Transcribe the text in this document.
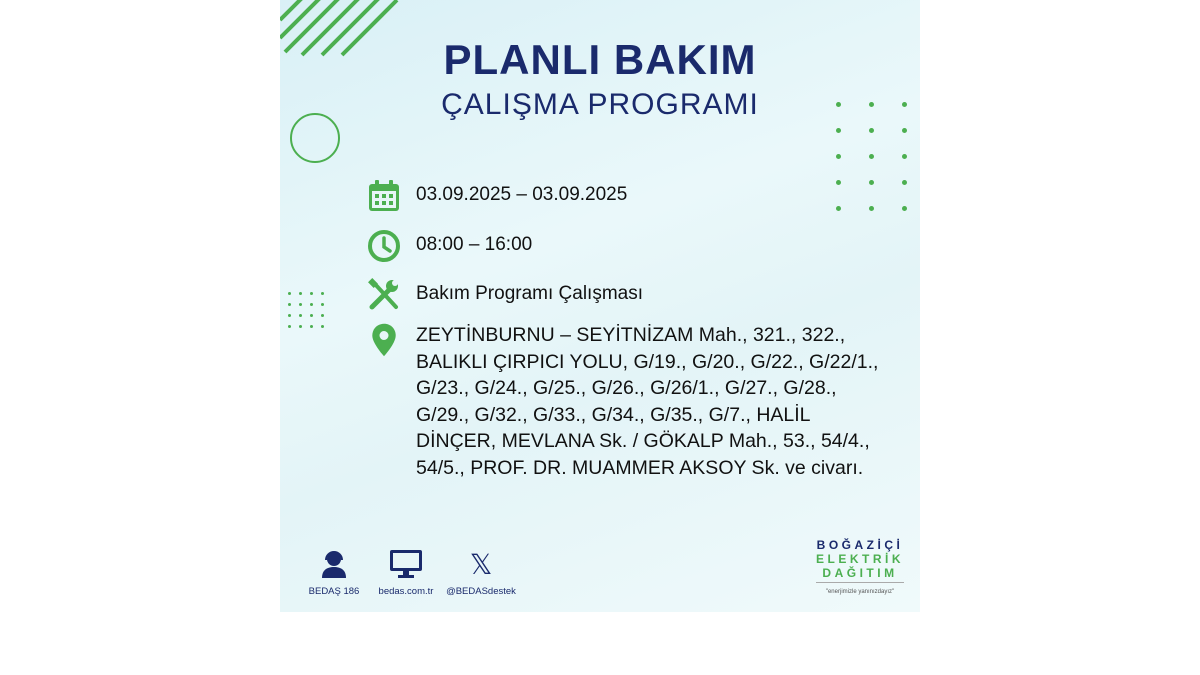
PLANLI BAKIM
ÇALIŞMA PROGRAMI
03.09.2025 – 03.09.2025
08:00 – 16:00
Bakım Programı Çalışması
ZEYTİNBURNU – SEYİTNİZAM Mah., 321., 322.,
BALIKLI ÇIRPICI YOLU, G/19., G/20., G/22., G/22/1.,
G/23., G/24., G/25., G/26., G/26/1., G/27., G/28.,
G/29., G/32., G/33., G/34., G/35., G/7., HALİL
DİNÇER, MEVLANA Sk. / GÖKALP Mah., 53., 54/4.,
54/5., PROF. DR. MUAMMER AKSOY Sk. ve civarı.
BEDAŞ 186	bedas.com.tr
𝕏
@BEDASdestek
BOĞAZİÇİ
ELEKTRİK
DAĞITIM
"enerjimizle yanınızdayız"
